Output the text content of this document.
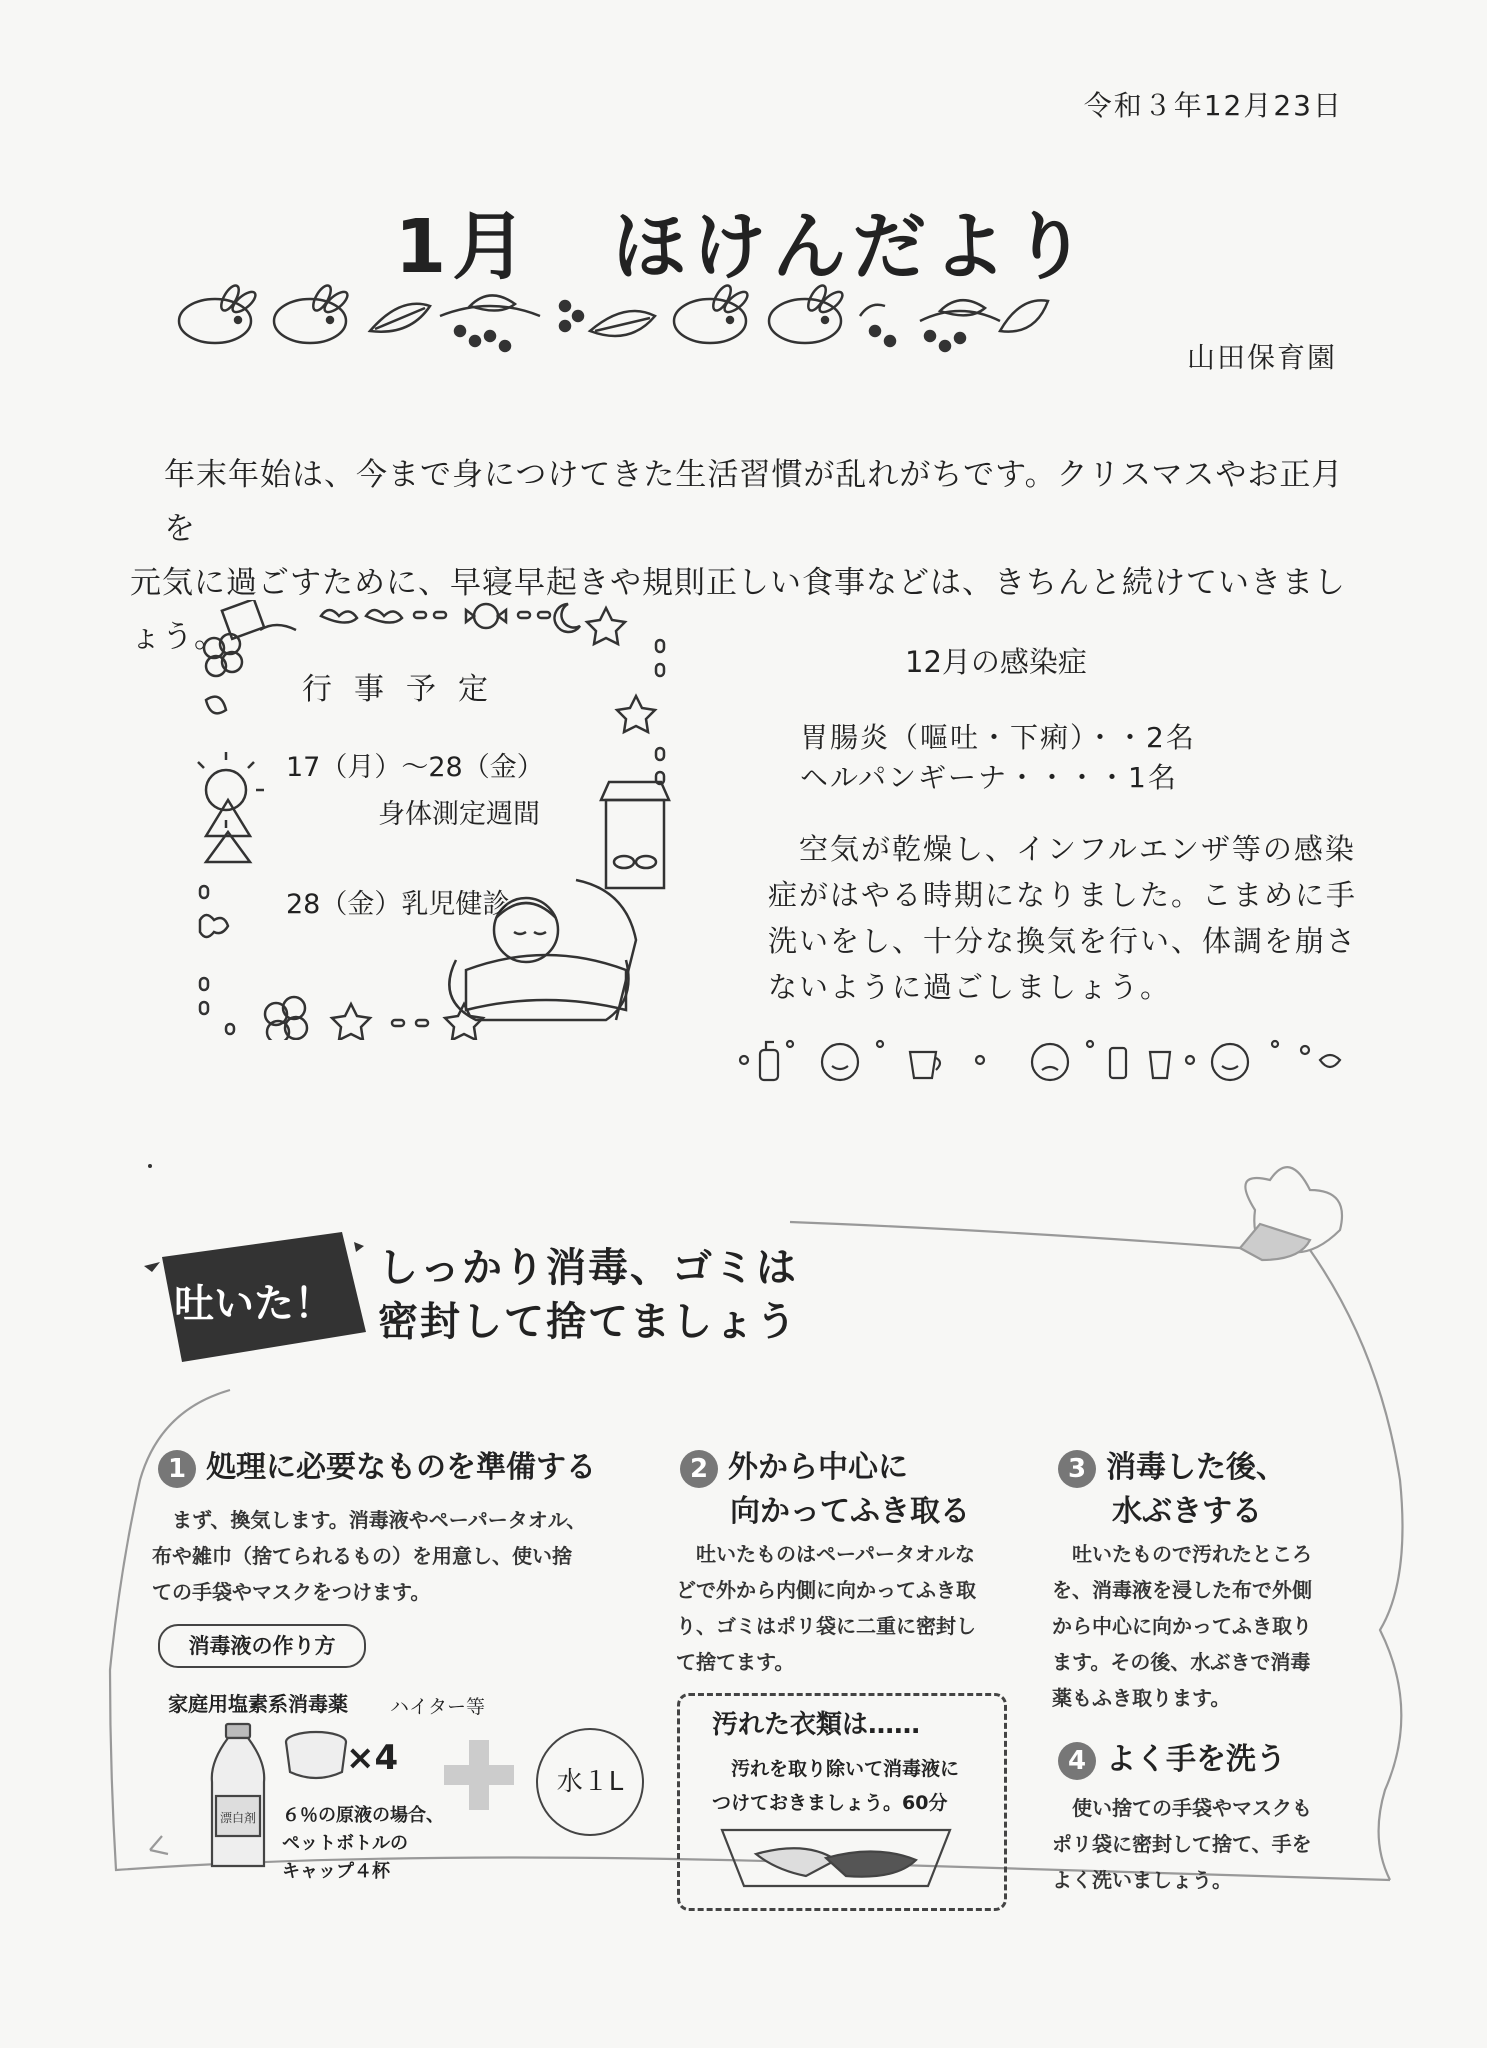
令和３年12月23日
1月　ほけんだより
山田保育園

年末年始は、今まで身につけてきた生活習慣が乱れがちです。クリスマスやお正月を

元気に過ごすために、早寝早起きや規則正しい食事などは、きちんと続けていきましょう。

行事予定
17（月）～28（金）
身体測定週間
28（金）乳児健診
12月の感染症
胃腸炎（嘔吐・下痢）・・2名
ヘルパンギーナ・・・・1名

　空気が乾燥し、インフルエンザ等の感染

症がはやる時期になりました。こまめに手

洗いをし、十分な換気を行い、体調を崩さ

ないように過ごしましょう。

吐いた！
しっかり消毒、ゴミは
密封して捨てましょう
1 処理に必要なものを準備する
　まず、換気します。消毒液やペーパータオル、
布や雑巾（捨てられるもの）を用意し、使い捨
ての手袋やマスクをつけます。
消毒液の作り方
家庭用塩素系消毒薬 ハイター等
漂白剤
×4
６％の原液の場合、
ペットボトルの
キャップ４杯
水１L
2 外から中心に
向かってふき取る
　吐いたものはペーパータオルな
どで外から内側に向かってふき取
り、ゴミはポリ袋に二重に密封し
て捨てます。
汚れた衣類は……
　汚れを取り除いて消毒液に
つけておきましょう。60分
3 消毒した後、
水ぶきする
　吐いたもので汚れたところ
を、消毒液を浸した布で外側
から中心に向かってふき取り
ます。その後、水ぶきで消毒
薬もふき取ります。
4 よく手を洗う
　使い捨ての手袋やマスクも
ポリ袋に密封して捨て、手を
よく洗いましょう。
